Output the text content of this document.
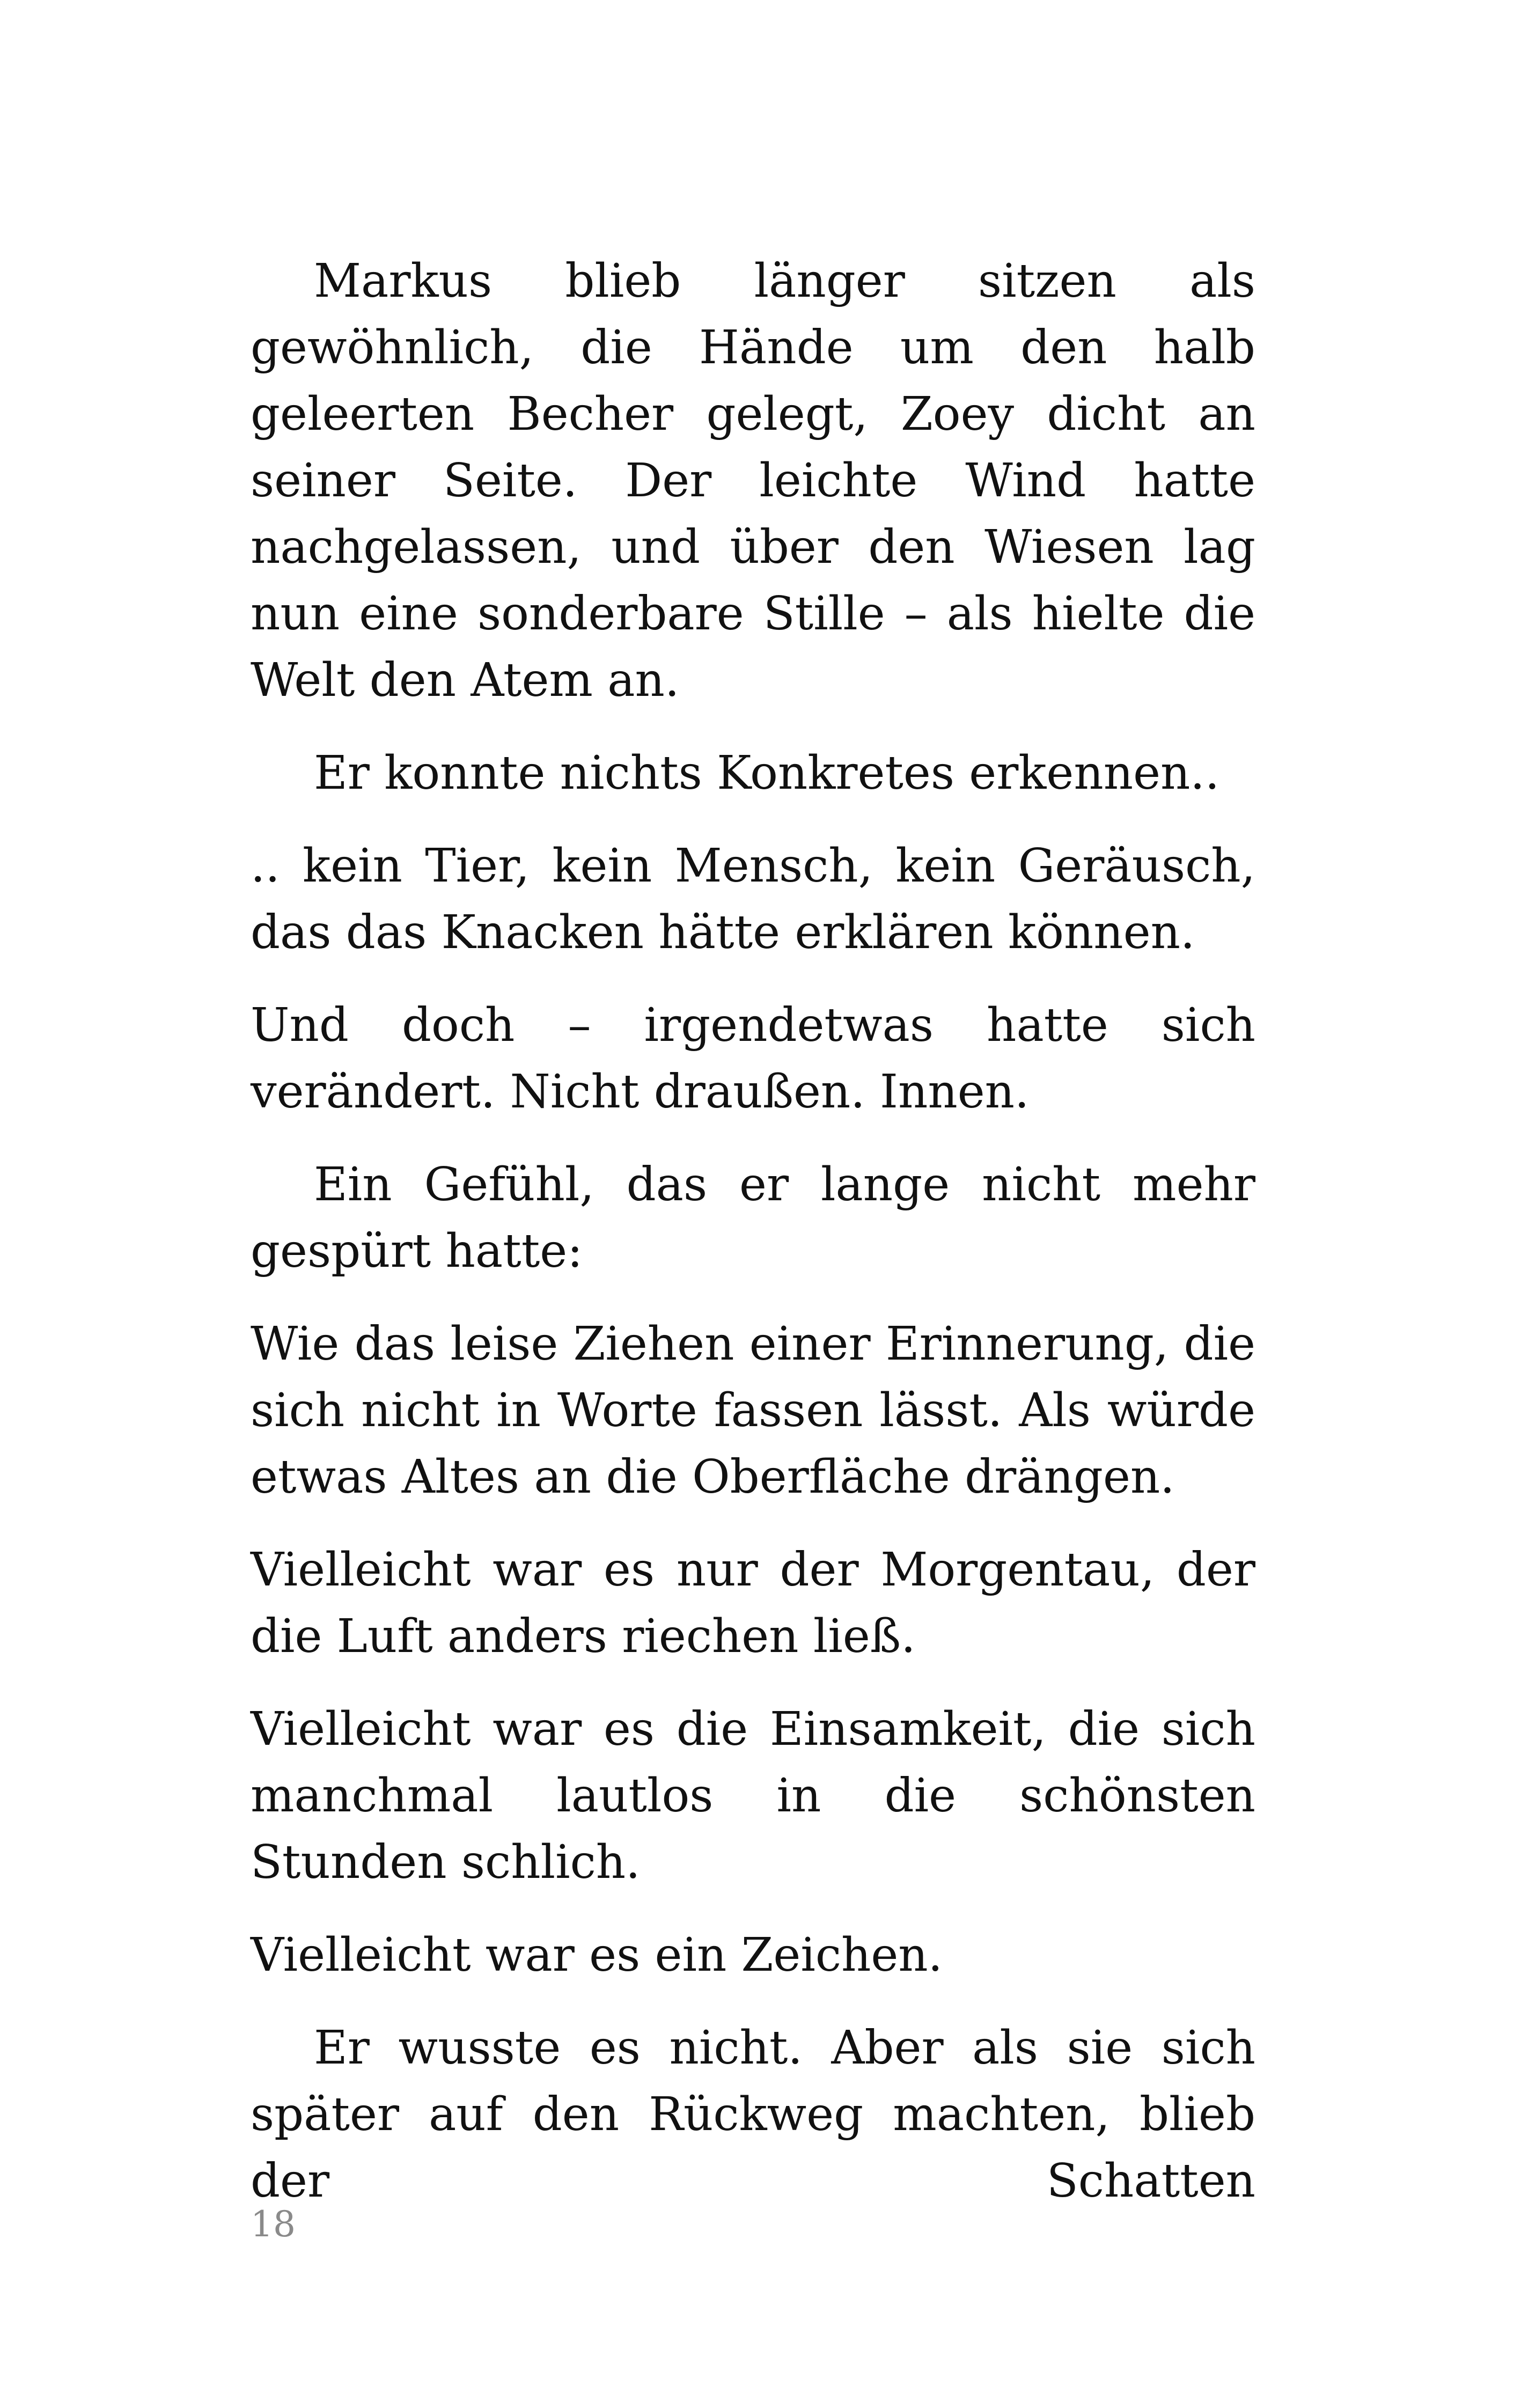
Markus blieb länger sitzen als gewöhnlich, die Hände um den halb geleerten Becher gelegt, Zoey dicht an seiner Seite. Der leichte Wind hatte nachgelassen, und über den Wiesen lag nun eine sonderbare Stille – als hielte die Welt den Atem an.

Er konnte nichts Konkretes erkennen..

.. kein Tier, kein Mensch, kein Geräusch, das das Knacken hätte erklären können.

Und doch – irgendetwas hatte sich verändert. Nicht draußen. Innen.

Ein Gefühl, das er lange nicht mehr gespürt hatte:

Wie das leise Ziehen einer Erinnerung, die sich nicht in Worte fassen lässt. Als würde etwas Altes an die Oberfläche drängen.

Vielleicht war es nur der Morgentau, der die Luft anders riechen ließ.

Vielleicht war es die Einsamkeit, die sich manchmal lautlos in die schönsten Stunden schlich.

Vielleicht war es ein Zeichen.

Er wusste es nicht. Aber als sie sich später auf den Rückweg machten, blieb der Schatten

18
